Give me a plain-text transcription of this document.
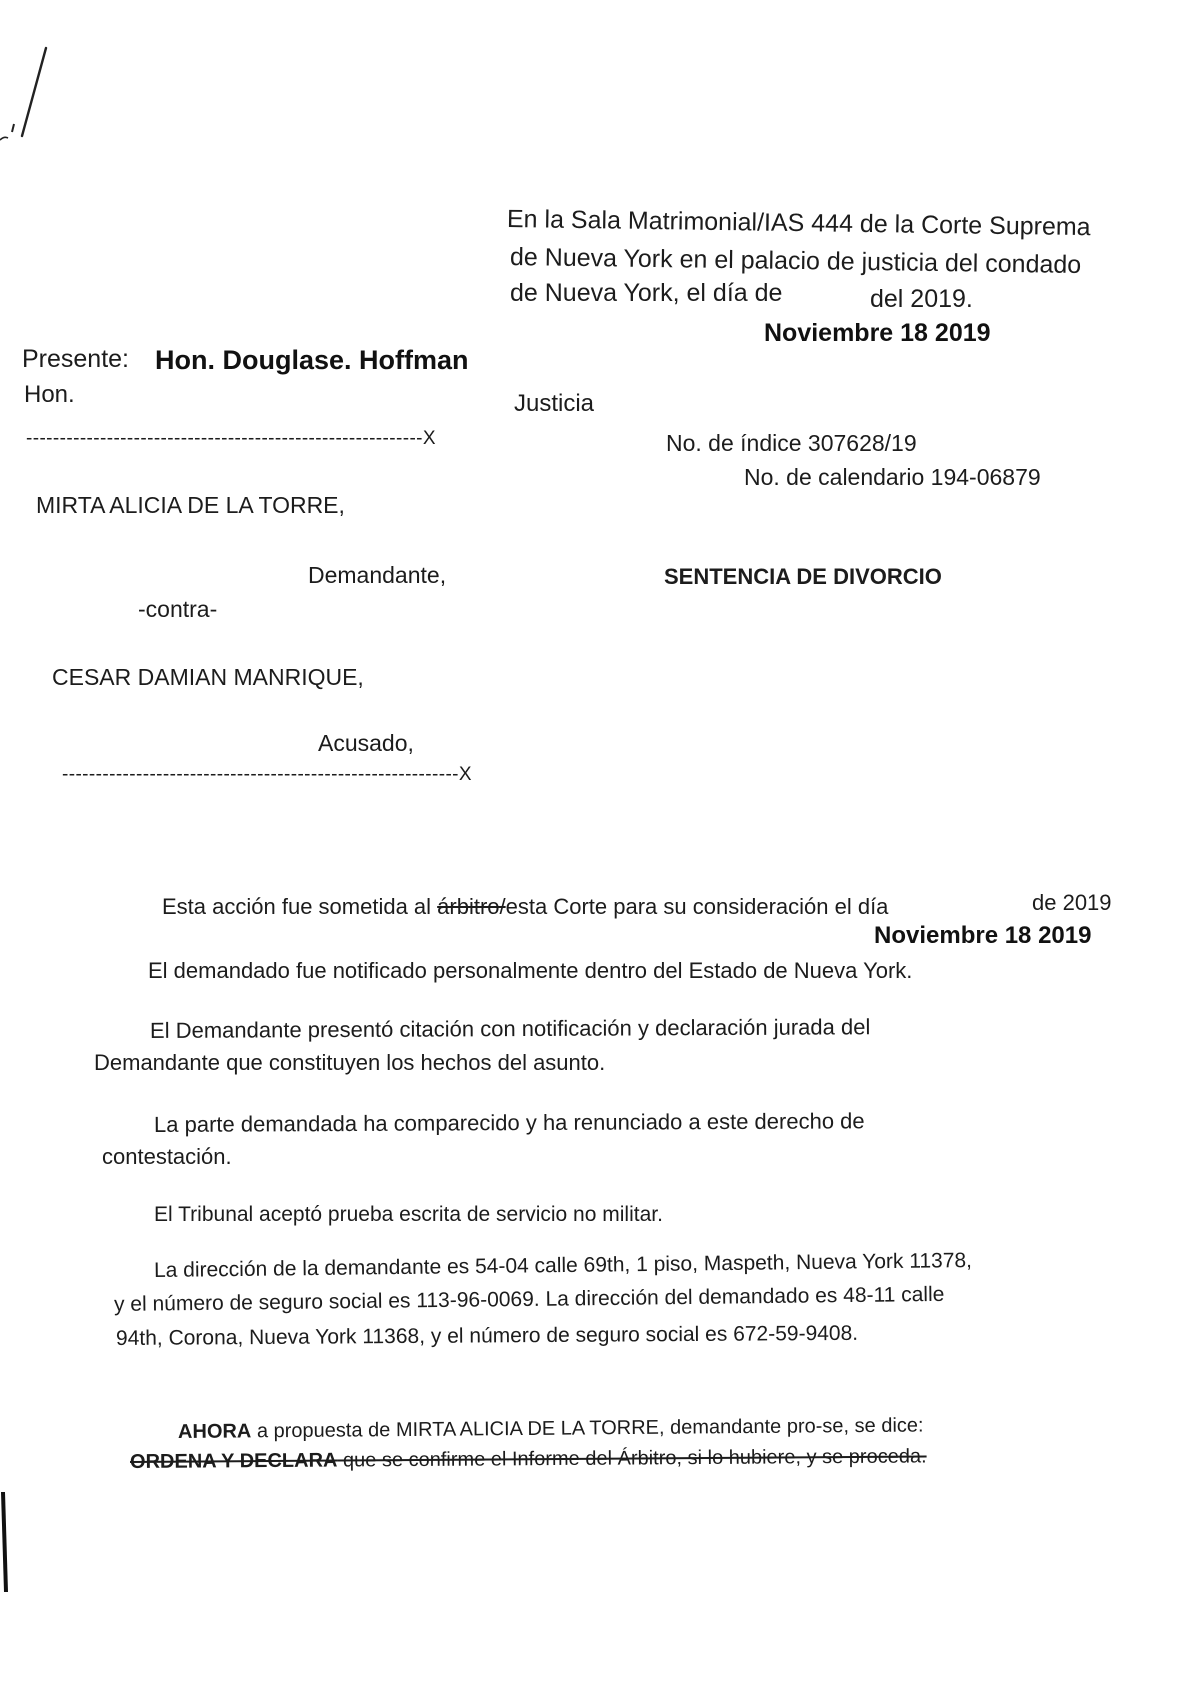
En la Sala Matrimonial/IAS 444 de la Corte Suprema
de Nueva York en el palacio de justicia del condado
de Nueva York, el día de	del 2019.
Noviembre 18 2019
Presente: Hon. Douglase. Hoffman
Hon.	Justicia
-----------------------------------------------------------X	No. de índice 307628/19
No. de calendario 194-06879
MIRTA ALICIA DE LA TORRE,
Demandante,	SENTENCIA DE DIVORCIO
-contra-
CESAR DAMIAN MANRIQUE,
Acusado,
-----------------------------------------------------------X
Esta acción fue sometida al árbitro/esta Corte para su consideración el día	de 2019
Noviembre 18 2019
El demandado fue notificado personalmente dentro del Estado de Nueva York.
El Demandante presentó citación con notificación y declaración jurada del
Demandante que constituyen los hechos del asunto.
La parte demandada ha comparecido y ha renunciado a este derecho de
contestación.
El Tribunal aceptó prueba escrita de servicio no militar.
La dirección de la demandante es 54-04 calle 69th, 1 piso, Maspeth, Nueva York 11378,
y el número de seguro social es 113-96-0069. La dirección del demandado es 48-11 calle
94th, Corona, Nueva York 11368, y el número de seguro social es 672-59-9408.
AHORA a propuesta de MIRTA ALICIA DE LA TORRE, demandante pro-se, se dice:
ORDENA Y DECLARA que se confirme el Informe del Árbitro, si lo hubiere, y se proceda.
